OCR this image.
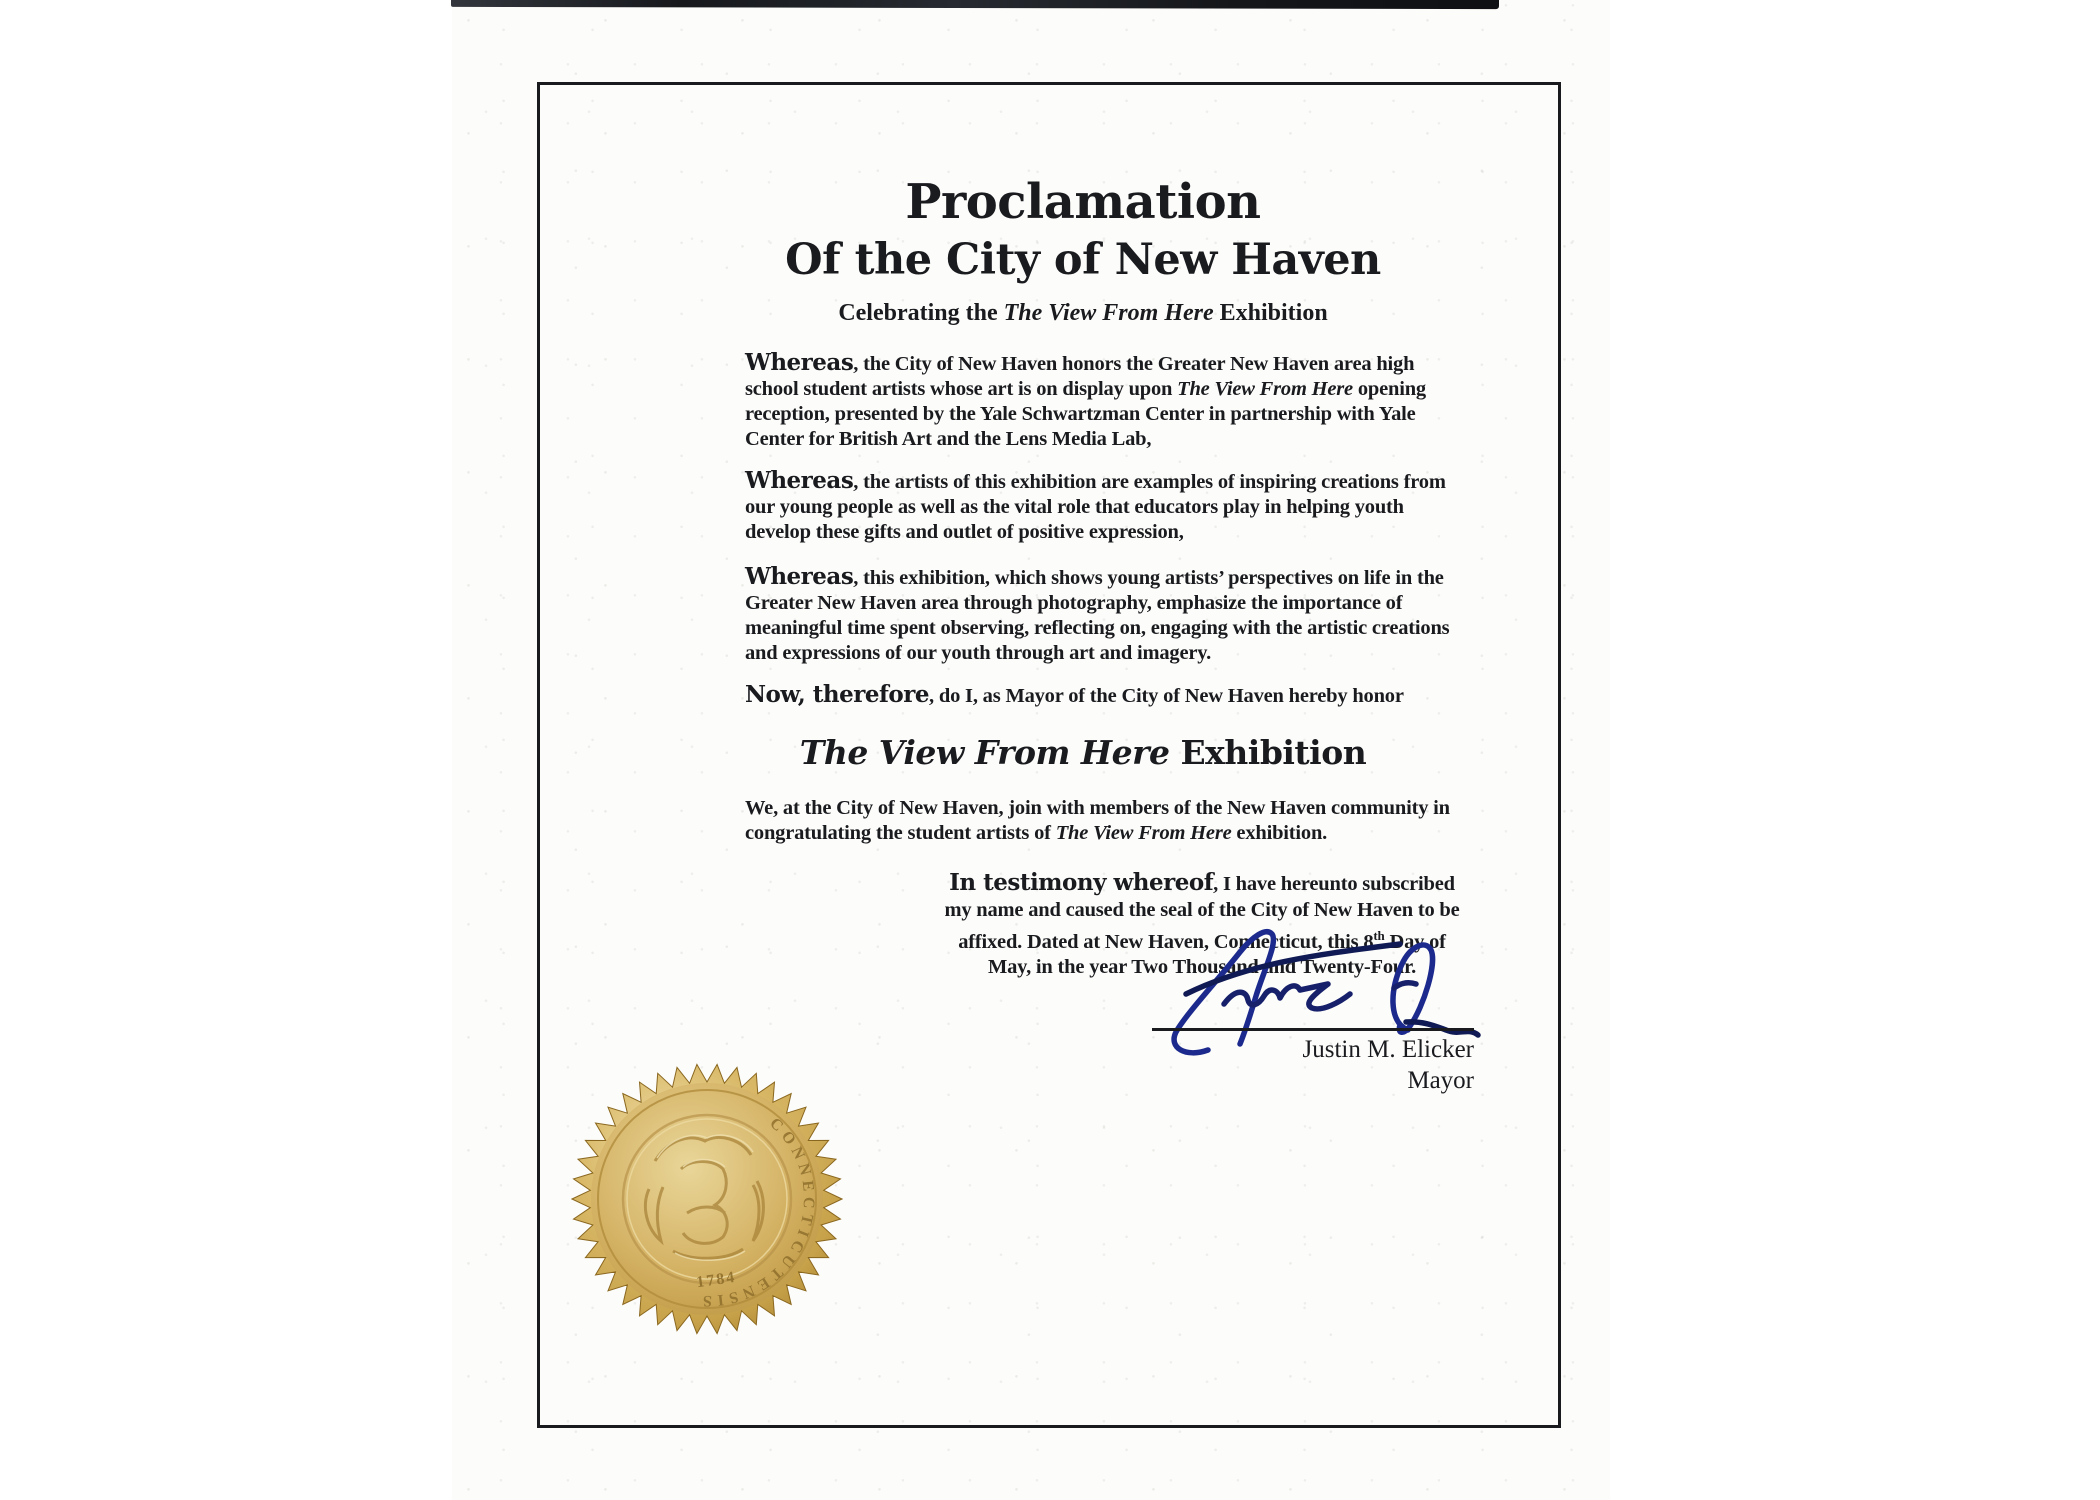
Proclamation
Of the City of New Haven
Celebrating the The View From Here Exhibition
Whereas, the City of New Haven honors the Greater New Haven area high school student artists whose art is on display upon The View From Here opening reception, presented by the Yale Schwartzman Center in partnership with Yale Center for British Art and the Lens Media Lab,
Whereas, the artists of this exhibition are examples of inspiring creations from our young people as well as the vital role that educators play in helping youth develop these gifts and outlet of positive expression,
Whereas, this exhibition, which shows young artists’ perspectives on life in the Greater New Haven area through photography, emphasize the importance of meaningful time spent observing, reflecting on, engaging with the artistic creations and expressions of our youth through art and imagery.
Now, therefore, do I, as Mayor of the City of New Haven hereby honor
The View From Here Exhibition
We, at the City of New Haven, join with members of the New Haven community in congratulating the student artists of The View From Here exhibition.
In testimony whereof, I have hereunto subscribed my name and caused the seal of the City of New Haven to be affixed. Dated at New Haven, Connecticut, this 8th Day of May, in the year Two Thousand and Twenty-Four.
Justin M. Elicker
Mayor
CONNECTICUTENSIS
1784
